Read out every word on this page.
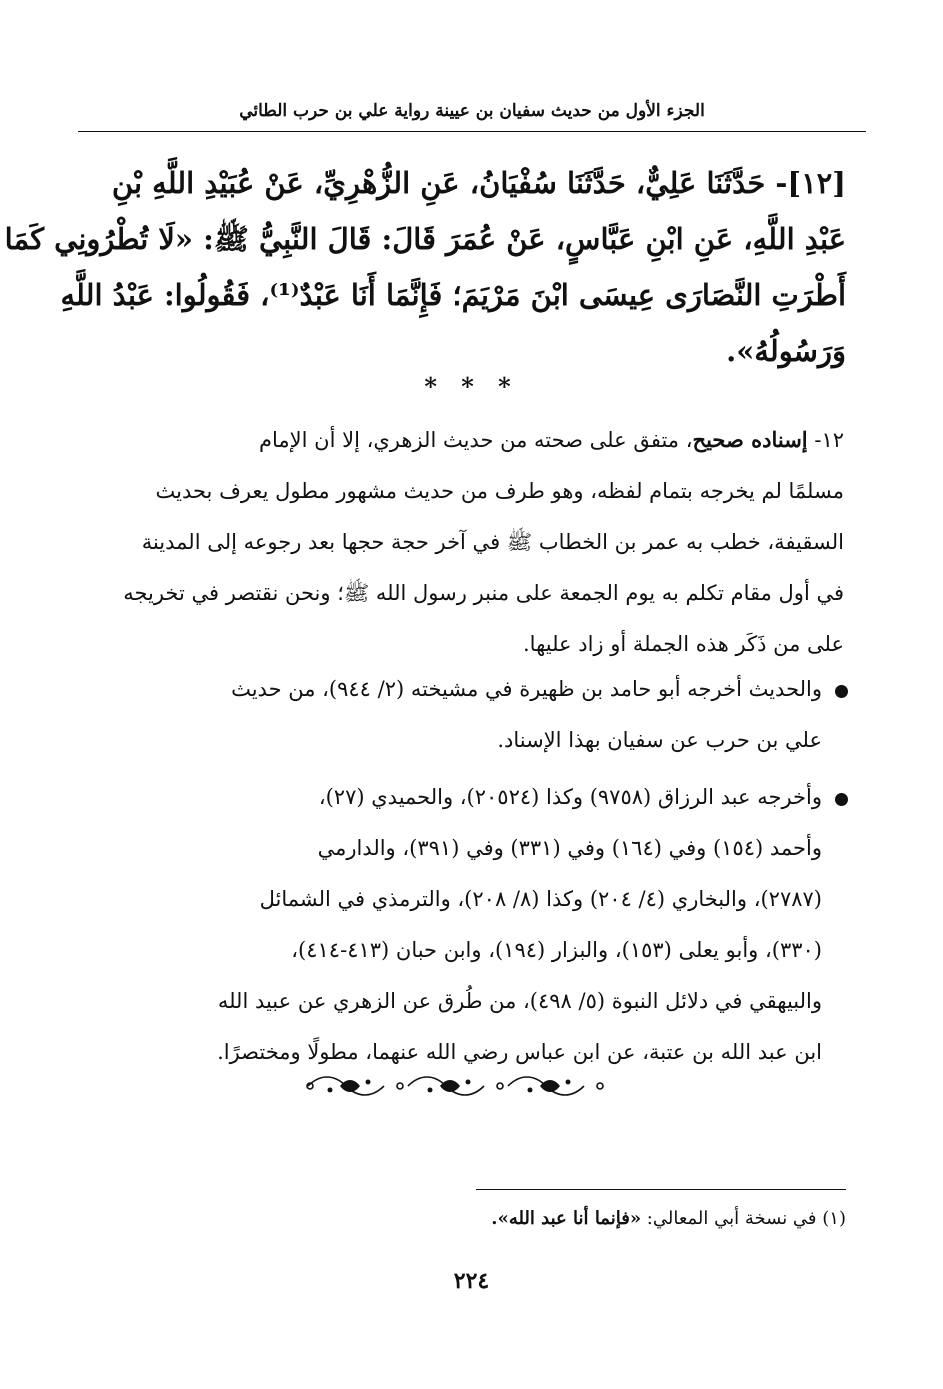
الجزء الأول من حديث سفيان بن عيينة رواية علي بن حرب الطائي
[١٢]- حَدَّثَنَا عَلِيٌّ، حَدَّثَنَا سُفْيَانُ، عَنِ الزُّهْرِيِّ، عَنْ عُبَيْدِ اللَّهِ بْنِ
عَبْدِ اللَّهِ، عَنِ ابْنِ عَبَّاسٍ، عَنْ عُمَرَ قَالَ: قَالَ النَّبِيُّ ﷺ: «لَا تُطْرُونِي كَمَا
أَطْرَتِ النَّصَارَى عِيسَى ابْنَ مَرْيَمَ؛ فَإِنَّمَا أَنَا عَبْدٌ⁽¹⁾، فَقُولُوا: عَبْدُ اللَّهِ
وَرَسُولُهُ».
* * *
١٢- إسناده صحيح، متفق على صحته من حديث الزهري، إلا أن الإمام
مسلمًا لم يخرجه بتمام لفظه، وهو طرف من حديث مشهور مطول يعرف بحديث
السقيفة، خطب به عمر بن الخطاب ﷺ في آخر حجة حجها بعد رجوعه إلى المدينة
في أول مقام تكلم به يوم الجمعة على منبر رسول الله ﷺ؛ ونحن نقتصر في تخريجه
على من ذَكَر هذه الجملة أو زاد عليها.
والحديث أخرجه أبو حامد بن ظهيرة في مشيخته (٢/ ٩٤٤)، من حديث
علي بن حرب عن سفيان بهذا الإسناد.
وأخرجه عبد الرزاق (٩٧٥٨) وكذا (٢٠٥٢٤)، والحميدي (٢٧)،
وأحمد (١٥٤) وفي (١٦٤) وفي (٣٣١) وفي (٣٩١)، والدارمي
(٢٧٨٧)، والبخاري (٤/ ٢٠٤) وكذا (٨/ ٢٠٨)، والترمذي في الشمائل
(٣٣٠)، وأبو يعلى (١٥٣)، والبزار (١٩٤)، وابن حبان (٤١٣-٤١٤)،
والبيهقي في دلائل النبوة (٥/ ٤٩٨)، من طُرق عن الزهري عن عبيد الله
ابن عبد الله بن عتبة، عن ابن عباس رضي الله عنهما، مطولًا ومختصرًا.
(١) في نسخة أبي المعالي: «فإنما أنا عبد الله».
٢٢٤
